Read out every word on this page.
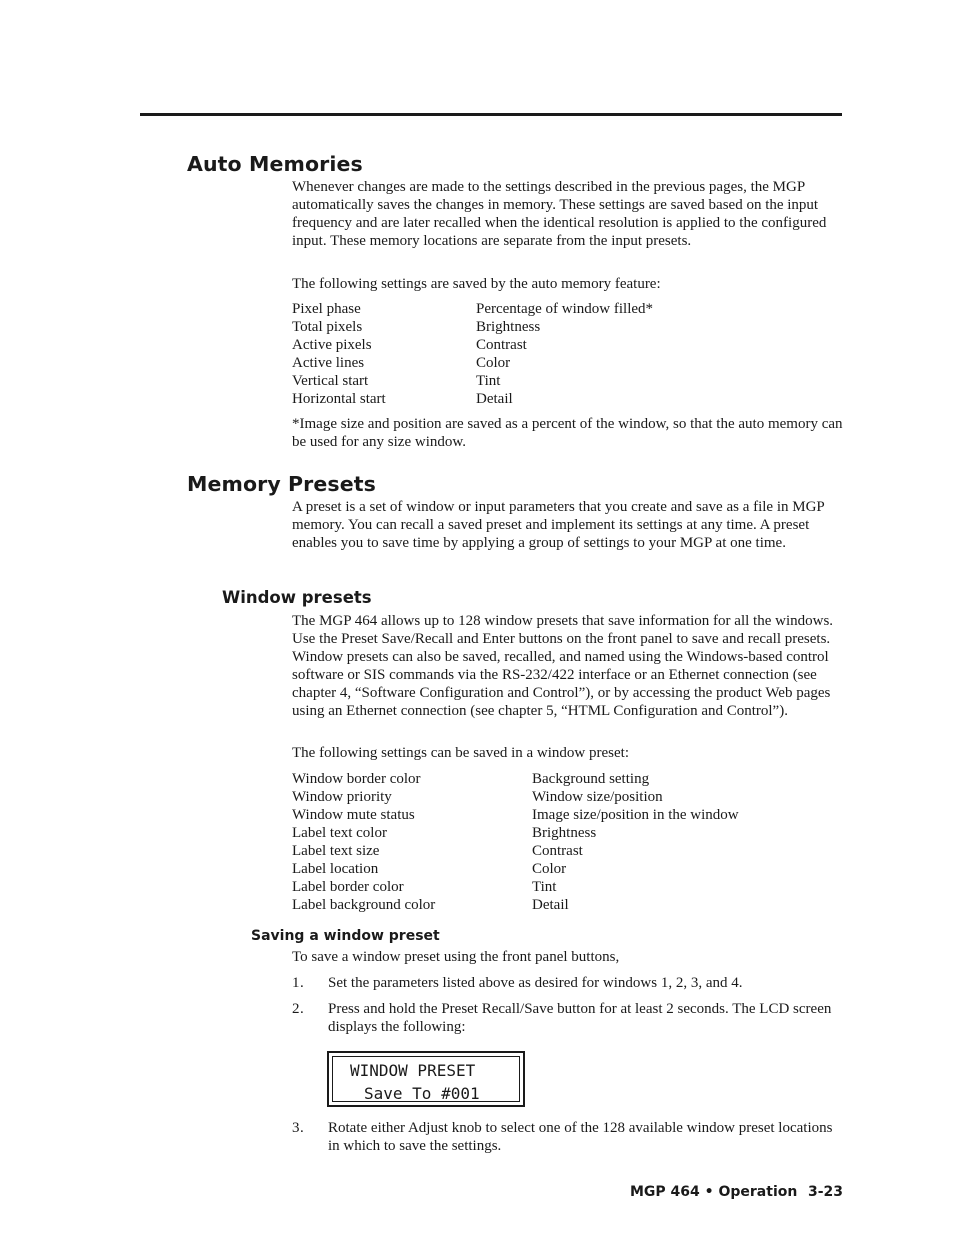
Auto Memories

Whenever changes are made to the settings described in the previous pages, the MGP automatically saves the changes in memory. These settings are saved based on the input frequency and are later recalled when the identical resolution is applied to the configured input. These memory locations are separate from the input presets.

The following settings are saved by the auto memory feature:

Pixel phase
Total pixels
Active pixels
Active lines
Vertical start
Horizontal start
Percentage of window filled*
Brightness
Contrast
Color
Tint
Detail

*Image size and position are saved as a percent of the window, so that the auto memory can be used for any size window.

Memory Presets

A preset is a set of window or input parameters that you create and save as a file in MGP memory. You can recall a saved preset and implement its settings at any time. A preset enables you to save time by applying a group of settings to your MGP at one time.

Window presets

The MGP 464 allows up to 128 window presets that save information for all the windows. Use the Preset Save/Recall and Enter buttons on the front panel to save and recall presets. Window presets can also be saved, recalled, and named using the Windows-based control software or SIS commands via the RS-232/422 interface or an Ethernet connection (see chapter 4, “Software Configuration and Control”), or by accessing the product Web pages using an Ethernet connection (see chapter 5, “HTML Configuration and Control”).

The following settings can be saved in a window preset:

Window border color
Window priority
Window mute status
Label text color
Label text size
Label location
Label border color
Label background color
Background setting
Window size/position
Image size/position in the window
Brightness
Contrast
Color
Tint
Detail
Saving a window preset

To save a window preset using the front panel buttons,

1 . Set the parameters listed above as desired for windows 1, 2, 3, and 4.
2 . Press and hold the Preset Recall/Save button for at least 2 seconds. The LCD screen displays the following:
WINDOW PRESET
Save To #001
3 . Rotate either Adjust knob to select one of the 128 available window preset locations in which to save the settings.
MGP 464 • Operation 3-23
